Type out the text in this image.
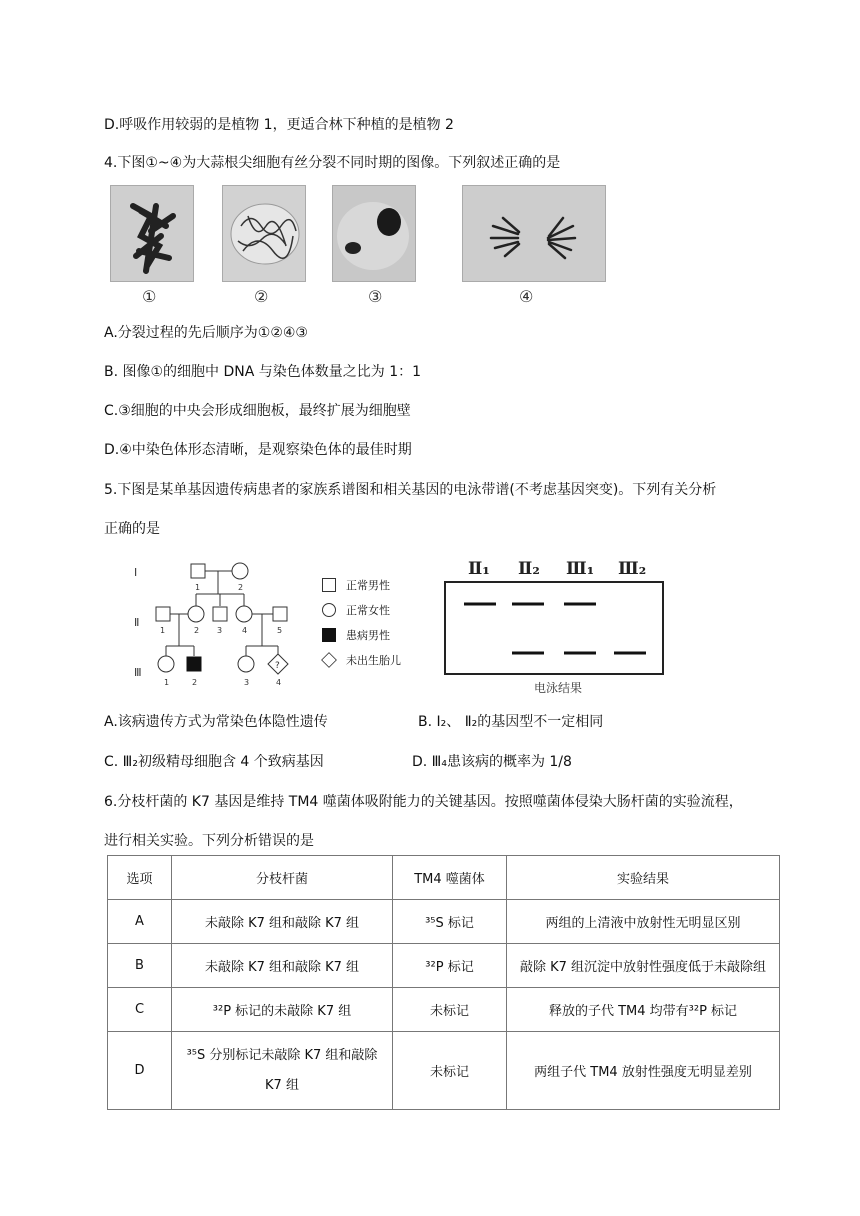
D.呼吸作用较弱的是植物 1，更适合林下种植的是植物 2
4.下图①~④为大蒜根尖细胞有丝分裂不同时期的图像。下列叙述正确的是
①	②	③	④
A.分裂过程的先后顺序为①②④③
B. 图像①的细胞中 DNA 与染色体数量之比为 1：1
C.③细胞的中央会形成细胞板，最终扩展为细胞壁
D.④中染色体形态清晰，是观察染色体的最佳时期
5.下图是某单基因遗传病患者的家族系谱图和相关基因的电泳带谱(不考虑基因突变)。下列有关分析
正确的是
Ⅰ
Ⅱ
Ⅲ
1	2
1	2 3 4	5
?
1	2	3	4
正常男性
正常女性
患病男性
未出生胎儿
Ⅱ₁ Ⅱ₂ Ⅲ₁ Ⅲ₂
电泳结果
A.该病遗传方式为常染色体隐性遗传	B. I₂、 Ⅱ₂的基因型不一定相同
C. Ⅲ₂初级精母细胞含 4 个致病基因	D. Ⅲ₄患该病的概率为 1/8
6.分枝杆菌的 K7 基因是维持 TM4 噬菌体吸附能力的关键基因。按照噬菌体侵染大肠杆菌的实验流程，
进行相关实验。下列分析错误的是
选项	分枝杆菌	TM4 噬菌体	实验结果
A	未敲除 K7 组和敲除 K7 组	³⁵S 标记	两组的上清液中放射性无明显区别
B	未敲除 K7 组和敲除 K7 组	³²P 标记	敲除 K7 组沉淀中放射性强度低于未敲除组
C	³²P 标记的未敲除 K7 组	未标记	释放的子代 TM4 均带有³²P 标记
D	³⁵S 分别标记未敲除 K7 组和敲除
K7 组	未标记	两组子代 TM4 放射性强度无明显差别
